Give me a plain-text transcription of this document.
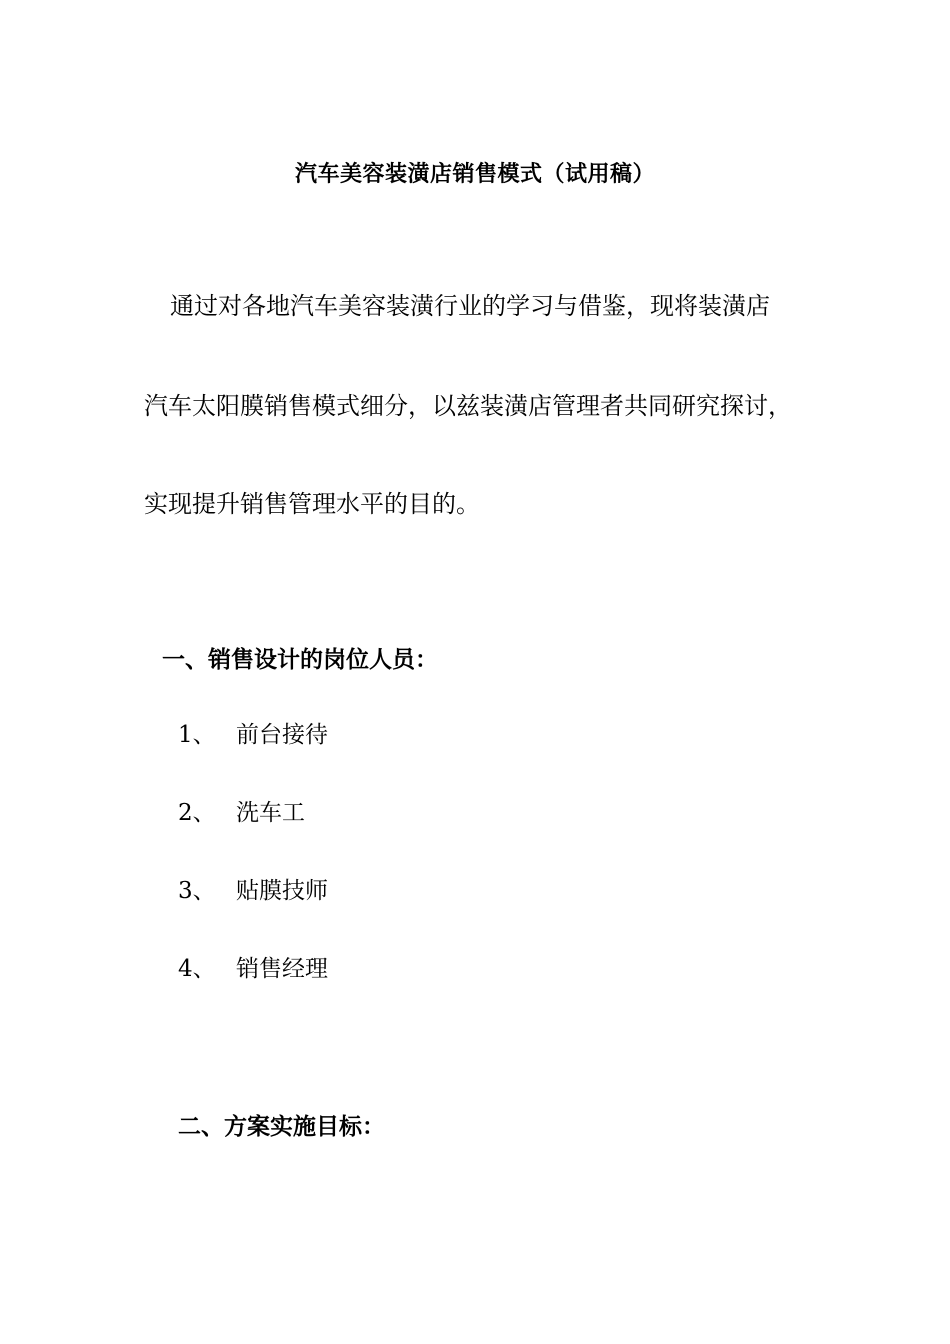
汽车美容装潢店销售模式（试用稿）
通过对各地汽车美容装潢行业的学习与借鉴，现将装潢店
汽车太阳膜销售模式细分，以兹装潢店管理者共同研究探讨，
实现提升销售管理水平的目的。
一、销售设计的岗位人员：
1、 前台接待
2、 洗车工
3、 贴膜技师
4、 销售经理
二、方案实施目标：
